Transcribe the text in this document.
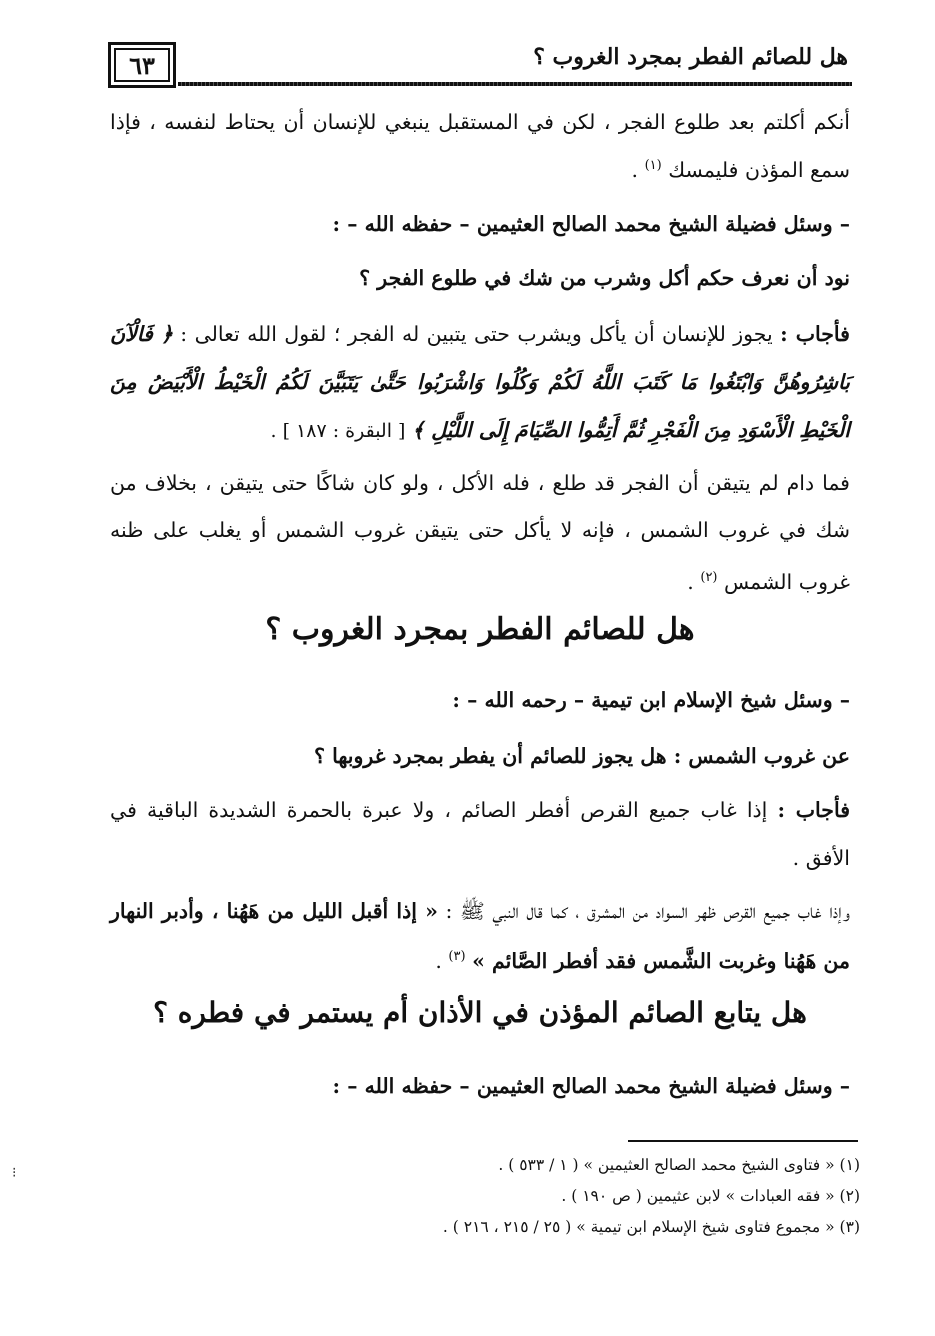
٦٣	هل للصائم الفطر بمجرد الغروب ؟

أنكم أكلتم بعد طلوع الفجر ، لكن في المستقبل ينبغي للإنسان أن يحتاط لنفسه ، فإذا سمع المؤذن فليمسك $^{(١)}$ .

– وسئل فضيلة الشيخ محمد الصالح العثيمين – حفظه الله – :

نود أن نعرف حكم أكل وشرب من شك في طلوع الفجر ؟

فأجاب : يجوز للإنسان أن يأكل ويشرب حتى يتبين له الفجر ؛ لقول الله تعالى : ﴿ فَالْآنَ بَاشِرُوهُنَّ وَابْتَغُوا مَا كَتَبَ اللَّهُ لَكُمْ وَكُلُوا وَاشْرَبُوا حَتَّىٰ يَتَبَيَّنَ لَكُمُ الْخَيْطُ الْأَبْيَضُ مِنَ الْخَيْطِ الْأَسْوَدِ مِنَ الْفَجْرِ ثُمَّ أَتِمُّوا الصِّيَامَ إِلَى اللَّيْلِ ﴾ [ البقرة : ١٨٧ ] .

فما دام لم يتيقن أن الفجر قد طلع ، فله الأكل ، ولو كان شاكًا حتى يتيقن ، بخلاف من شك في غروب الشمس ، فإنه لا يأكل حتى يتيقن غروب الشمس أو يغلب على ظنه غروب الشمس $^{(٢)}$ .

هل للصائم الفطر بمجرد الغروب ؟

– وسئل شيخ الإسلام ابن تيمية – رحمه الله – :

عن غروب الشمس : هل يجوز للصائم أن يفطر بمجرد غروبها ؟

فأجاب : إذا غاب جميع القرص أفطر الصائم ، ولا عبرة بالحمرة الشديدة الباقية في الأفق .

وإذا غاب جميع القرص ظهر السواد من المشرق ، كما قال النبي ﷺ : « إذا أقبل الليل من هَهُنا ، وأدبر النهار من هَهُنا وغربت الشَّمس فقد أفطر الصَّائم » $^{(٣)}$ .

هل يتابع الصائم المؤذن في الأذان أم يستمر في فطره ؟

– وسئل فضيلة الشيخ محمد الصالح العثيمين – حفظه الله – :

(١) « فتاوى الشيخ محمد الصالح العثيمين » ( ١ / ٥٣٣ ) .
(٢) « فقه العبادات » لابن عثيمين ( ص ١٩٠ ) .
(٣) « مجموع فتاوى شيخ الإسلام ابن تيمية » ( ٢٥ / ٢١٥ ، ٢١٦ ) .
⁝
